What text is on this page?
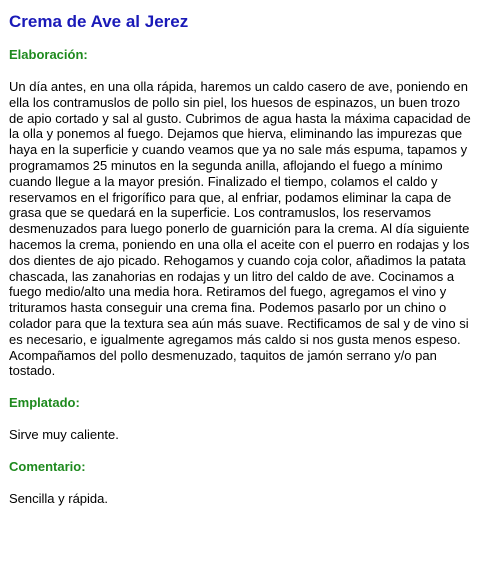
Crema de Ave al Jerez
Elaboración:

Un día antes, en una olla rápida, haremos un caldo casero de ave, poniendo en ella los contramuslos de pollo sin piel, los huesos de espinazos, un buen trozo de apio cortado y sal al gusto. Cubrimos de agua hasta la máxima capacidad de la olla y ponemos al fuego. Dejamos que hierva, eliminando las impurezas que haya en la superficie y cuando veamos que ya no sale más espuma, tapamos y programamos 25 minutos en la segunda anilla, aflojando el fuego a mínimo cuando llegue a la mayor presión. Finalizado el tiempo, colamos el caldo y reservamos en el frigorífico para que, al enfriar, podamos eliminar la capa de grasa que se quedará en la superficie. Los contramuslos, los reservamos desmenuzados para luego ponerlo de guarnición para la crema. Al día siguiente hacemos la crema, poniendo en una olla el aceite con el puerro en rodajas y los dos dientes de ajo picado. Rehogamos y cuando coja color, añadimos la patata chascada, las zanahorias en rodajas y un litro del caldo de ave. Cocinamos a fuego medio/alto una media hora. Retiramos del fuego, agregamos el vino y trituramos hasta conseguir una crema fina. Podemos pasarlo por un chino o colador para que la textura sea aún más suave. Rectificamos de sal y de vino si es necesario, e igualmente agregamos más caldo si nos gusta menos espeso. Acompañamos del pollo desmenuzado, taquitos de jamón serrano y/o pan tostado.

Emplatado:

Sirve muy caliente.

Comentario:

Sencilla y rápida.
